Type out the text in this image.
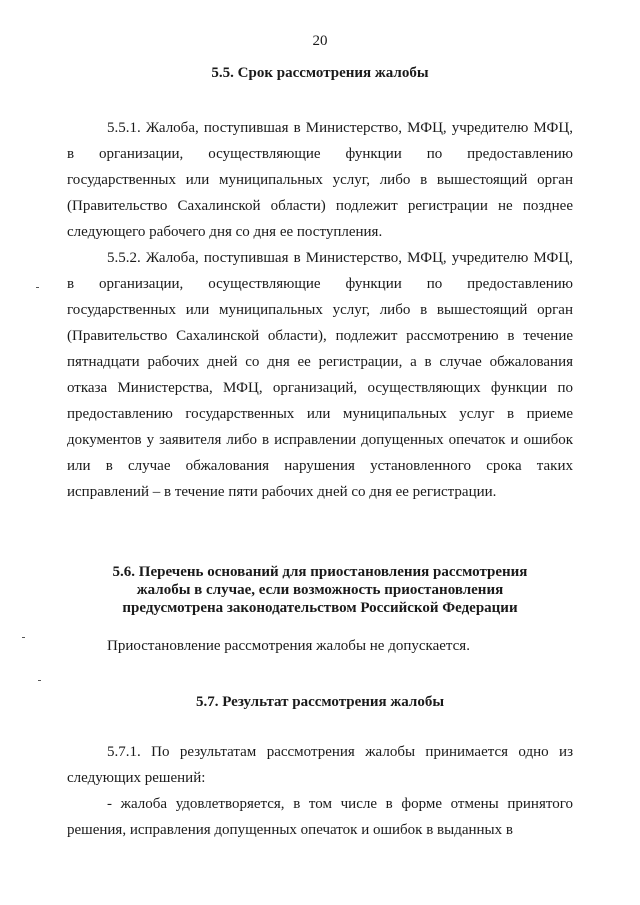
20
5.5. Срок рассмотрения жалобы

5.5.1. Жалоба, поступившая в Министерство, МФЦ, учредителю МФЦ, в организации, осуществляющие функции по предоставлению государственных или муниципальных услуг, либо в вышестоящий орган (Правительство Сахалинской области) подлежит регистрации не позднее следующего рабочего дня со дня ее поступления.

5.5.2. Жалоба, поступившая в Министерство, МФЦ, учредителю МФЦ, в организации, осуществляющие функции по предоставлению государственных или муниципальных услуг, либо в вышестоящий орган (Правительство Сахалинской области), подлежит рассмотрению в течение пятнадцати рабочих дней со дня ее регистрации, а в случае обжалования отказа Министерства, МФЦ, организаций, осуществляющих функции по предоставлению государственных или муниципальных услуг в приеме документов у заявителя либо в исправлении допущенных опечаток и ошибок или в случае обжалования нарушения установленного срока таких исправлений – в течение пяти рабочих дней со дня ее регистрации.

5.6. Перечень оснований для приостановления рассмотрения
жалобы в случае, если возможность приостановления
предусмотрена законодательством Российской Федерации

Приостановление рассмотрения жалобы не допускается.

5.7. Результат рассмотрения жалобы

5.7.1. По результатам рассмотрения жалобы принимается одно из следующих решений:

- жалоба удовлетворяется, в том числе в форме отмены принятого решения, исправления допущенных опечаток и ошибок в выданных в
